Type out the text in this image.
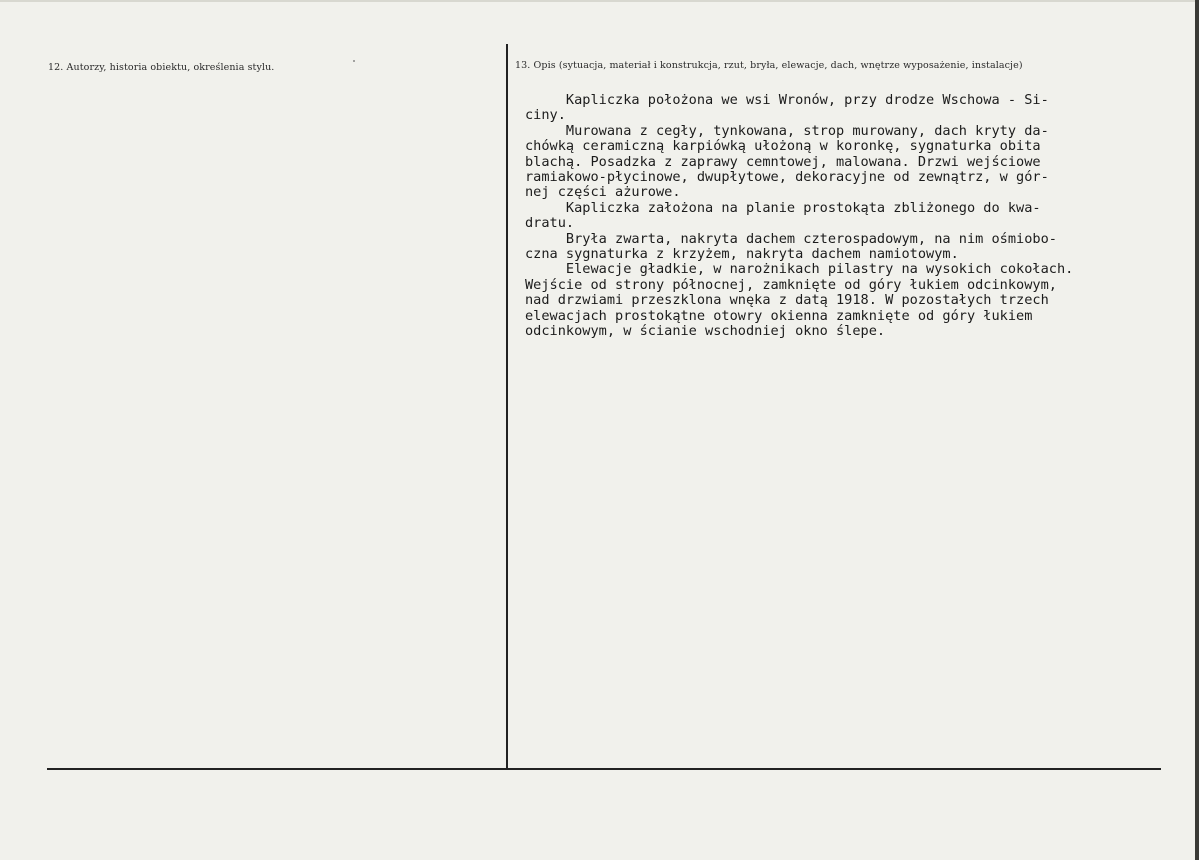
12. Autorzy, historia obiektu, określenia stylu.	13. Opis (sytuacja, materiał i konstrukcja, rzut, bryła, elewacje, dach, wnętrze wyposażenie, instalacje)
Kapliczka położona we wsi Wronów, przy drodze Wschowa - Si-
ciny.
Murowana z cegły, tynkowana, strop murowany, dach kryty da-
chówką ceramiczną karpiówką ułożoną w koronkę, sygnaturka obita
blachą. Posadzka z zaprawy cemntowej, malowana. Drzwi wejściowe
ramiakowo-płycinowe, dwupłytowe, dekoracyjne od zewnątrz, w gór-
nej części ażurowe.
Kapliczka założona na planie prostokąta zbliżonego do kwa-
dratu.
Bryła zwarta, nakryta dachem czterospadowym, na nim ośmiobo-
czna sygnaturka z krzyżem, nakryta dachem namiotowym.
Elewacje gładkie, w narożnikach pilastry na wysokich cokołach.
Wejście od strony północnej, zamknięte od góry łukiem odcinkowym,
nad drzwiami przeszklona wnęka z datą 1918. W pozostałych trzech
elewacjach prostokątne otowry okienna zamknięte od góry łukiem
odcinkowym, w ścianie wschodniej okno ślepe.
